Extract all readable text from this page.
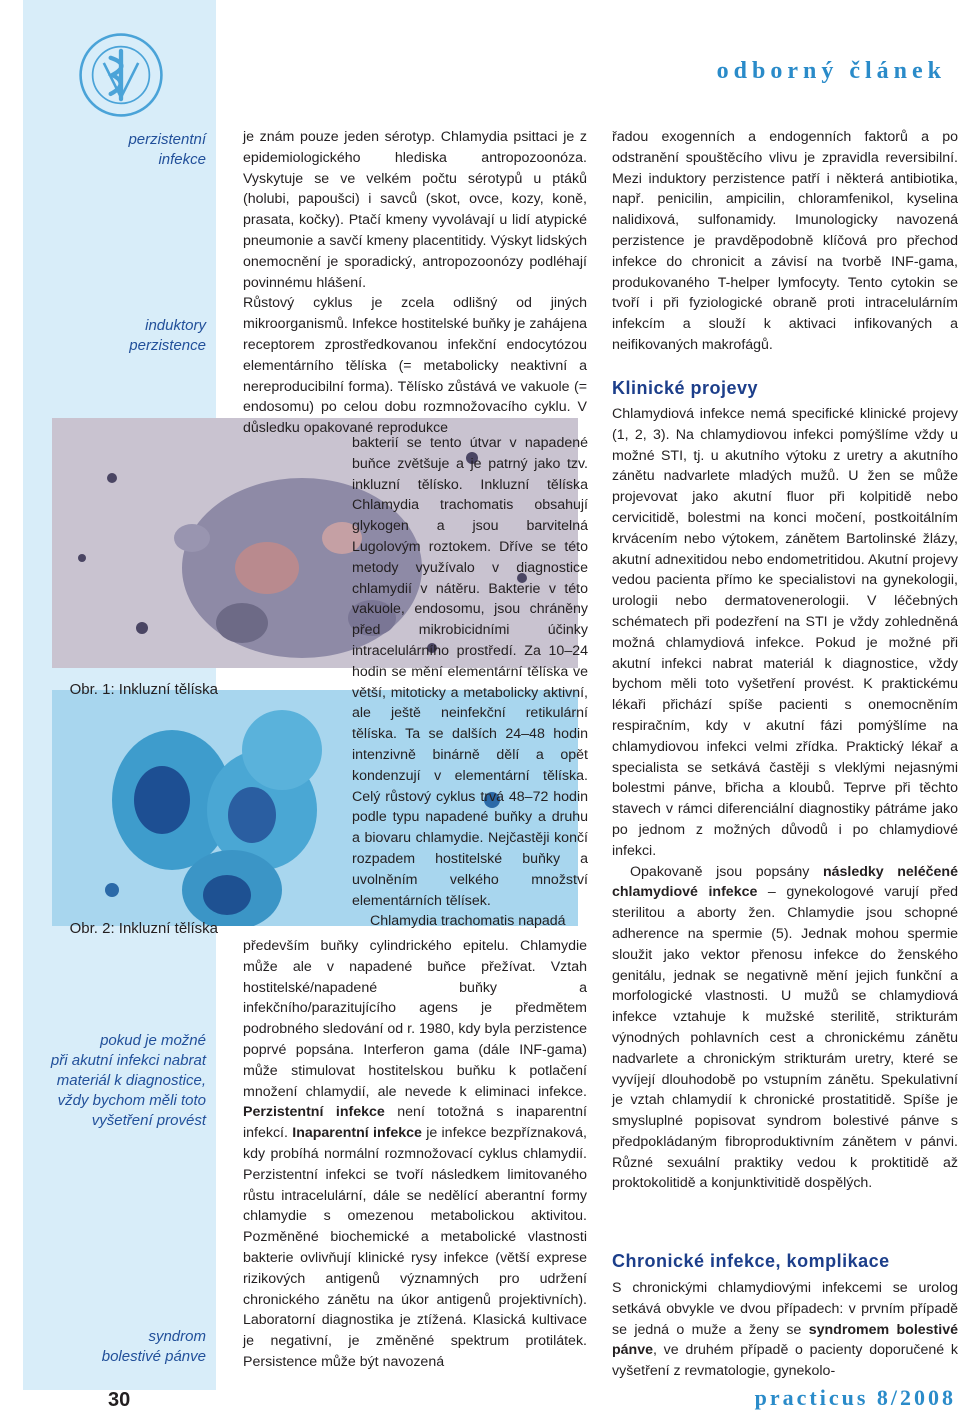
odborný článek
perzistentní
infekce
induktory
perzistence
pokud je možné
při akutní infekci nabrat
materiál k diagnostice,
vždy bychom měli toto
vyšetření provést
syndrom
bolestivé pánve
Obr. 1: Inkluzní tělíska
Obr. 2: Inkluzní tělíska

je znám pouze jeden sérotyp. Chlamydia psittaci je z epidemiologického hlediska antropozoonóza. Vyskytuje se ve velkém počtu sérotypů u ptáků (holubi, papoušci) i savců (skot, ovce, kozy, koně, prasata, kočky). Ptačí kmeny vyvolávají u lidí atypické pneumonie a savčí kmeny placentitidy. Výskyt lidských onemocnění je sporadický, antropozoonózy podléhají povinnému hlášení.

Růstový cyklus je zcela odlišný od jiných mikroorganismů. Infekce hostitelské buňky je zahájena receptorem zprostředkovanou infekční endocytózou elementárního tělíska (= metabolicky neaktivní a nereproducibilní forma). Tělísko zůstává ve vakuole (= endosomu) po celou dobu rozmnožovacího cyklu. V důsledku opakované reprodukce

bakterií se tento útvar v napadené buňce zvětšuje a je patrný jako tzv. inkluzní tělísko. Inkluzní tělíska Chlamydia trachomatis obsahují glykogen a jsou barvitelná Lugolovým roztokem. Dříve se této metody využívalo v diagnostice chlamydií v nátěru. Bakterie v této vakuole, endosomu, jsou chráněny před mikrobicidními účinky intracelulárního prostředí. Za 10–24 hodin se mění elementární tělíska ve větší, mitoticky a metabolicky aktivní, ale ještě neinfekční retikulární tělíska. Ta se dalších 24–48 hodin intenzivně binárně dělí a opět kondenzují v elementární tělíska. Celý růstový cyklus trvá 48–72 hodin podle typu napadené buňky a druhu a biovaru chlamydie. Nejčastěji končí rozpadem hostitelské buňky a uvolněním velkého množství elementárních tělísek.

Chlamydia trachomatis napadá

především buňky cylindrického epitelu. Chlamydie může ale v napadené buňce přežívat. Vztah hostitelské/napadené buňky a infekčního/parazitujícího agens je předmětem podrobného sledování od r. 1980, kdy byla perzistence poprvé popsána. Interferon gama (dále INF-gama) může stimulovat hostitelskou buňku k potlačení množení chlamydií, ale nevede k eliminaci infekce. Perzistentní infekce není totožná s inaparentní infekcí. Inaparentní infekce je infekce bezpříznaková, kdy probíhá normální rozmnožovací cyklus chlamydií. Perzistentní infekci se tvoří následkem limitovaného růstu intracelulární, dále se nedělící aberantní formy chlamydie s omezenou metabolickou aktivitou. Pozměněné biochemické a metabolické vlastnosti bakterie ovlivňují klinické rysy infekce (větší exprese rizikových antigenů významných pro udržení chronického zánětu na úkor antigenů projektivních). Laboratorní diagnostika je ztížená. Klasická kultivace je negativní, je změněné spektrum protilátek. Persistence může být navozená

řadou exogenních a endogenních faktorů a po odstranění spouštěcího vlivu je zpravidla reversibilní. Mezi induktory perzistence patří i některá antibiotika, např. penicilin, ampicilin, chloramfenikol, kyselina nalidixová, sulfonamidy. Imunologicky navozená perzistence je pravděpodobně klíčová pro přechod infekce do chronicit a závisí na tvorbě INF-gama, produkovaného T-helper lymfocyty. Tento cytokin se tvoří i při fyziologické obraně proti intracelulárním infekcím a slouží k aktivaci infikovaných a neifikovaných makrofágů.

Klinické projevy

Chlamydiová infekce nemá specifické klinické projevy (1, 2, 3). Na chlamydiovou infekci pomýšlíme vždy u možné STI, tj. u akutního výtoku z uretry a akutního zánětu nadvarlete mladých mužů. U žen se může projevovat jako akutní fluor při kolpitidě nebo cervicitidě, bolestmi na konci močení, postkoitálním krvácením nebo výtokem, zánětem Bartolinské žlázy, akutní adnexitidou nebo endometritidou. Akutní projevy vedou pacienta přímo ke specialistovi na gynekologii, urologii nebo dermatovenerologii. V léčebných schématech při podezření na STI je vždy zohledněná možná chlamydiová infekce. Pokud je možné při akutní infekci nabrat materiál k diagnostice, vždy bychom měli toto vyšetření provést. K praktickému lékaři přichází spíše pacienti s onemocněním respiračním, kdy v akutní fázi pomýšlíme na chlamydiovou infekci velmi zřídka. Praktický lékař a specialista se setkává častěji s vleklými nejasnými bolestmi pánve, břicha a kloubů. Teprve při těchto stavech v rámci diferenciální diagnostiky pátráme jako po jednom z možných důvodů i po chlamydiové infekci.

Opakovaně jsou popsány následky neléčené chlamydiové infekce – gynekologové varují před sterilitou a aborty žen. Chlamydie jsou schopné adherence na spermie (5). Jednak mohou spermie sloužit jako vektor přenosu infekce do ženského genitálu, jednak se negativně mění jejich funkční a morfologické vlastnosti. U mužů se chlamydiová infekce vztahuje k mužské sterilitě, strikturám výnodných pohlavních cest a chronickému zánětu nadvarlete a chronickým strikturám uretry, které se vyvíjejí dlouhodobě po vstupním zánětu. Spekulativní je vztah chlamydií k chronické prostatitidě. Spíše je smysluplné popisovat syndrom bolestivé pánve s předpokládaným fibroproduktivním zánětem v pánvi. Různé sexuální praktiky vedou k proktitidě až proktokolitidě a konjunktivitidě dospělých.

Chronické infekce, komplikace

S chronickými chlamydiovými infekcemi se urolog setkává obvykle ve dvou případech: v prvním případě se jedná o muže a ženy se syndromem bolestivé pánve, ve druhém případě o pacienty doporučené k vyšetření z revmatologie, gynekolo-

30	practicus 8/2008
